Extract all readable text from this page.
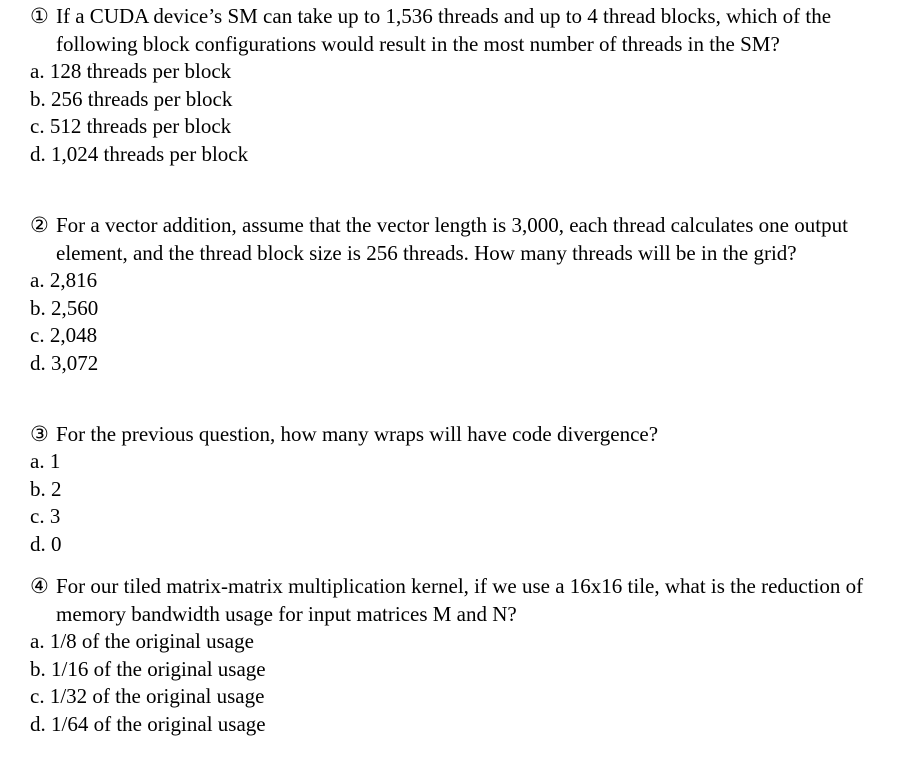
① If a CUDA device’s SM can take up to 1,536 threads and up to 4 thread blocks, which of the following block configurations would result in the most number of threads in the SM?

a. 128 threads per block
b. 256 threads per block
c. 512 threads per block
d. 1,024 threads per block

② For a vector addition, assume that the vector length is 3,000, each thread calculates one output element, and the thread block size is 256 threads. How many threads will be in the grid?

a. 2,816
b. 2,560
c. 2,048
d. 3,072

③ For the previous question, how many wraps will have code divergence?

a. 1
b. 2
c. 3
d. 0

④ For our tiled matrix-matrix multiplication kernel, if we use a 16x16 tile, what is the reduction of memory bandwidth usage for input matrices M and N?

a. 1/8 of the original usage
b. 1/16 of the original usage
c. 1/32 of the original usage
d. 1/64 of the original usage
